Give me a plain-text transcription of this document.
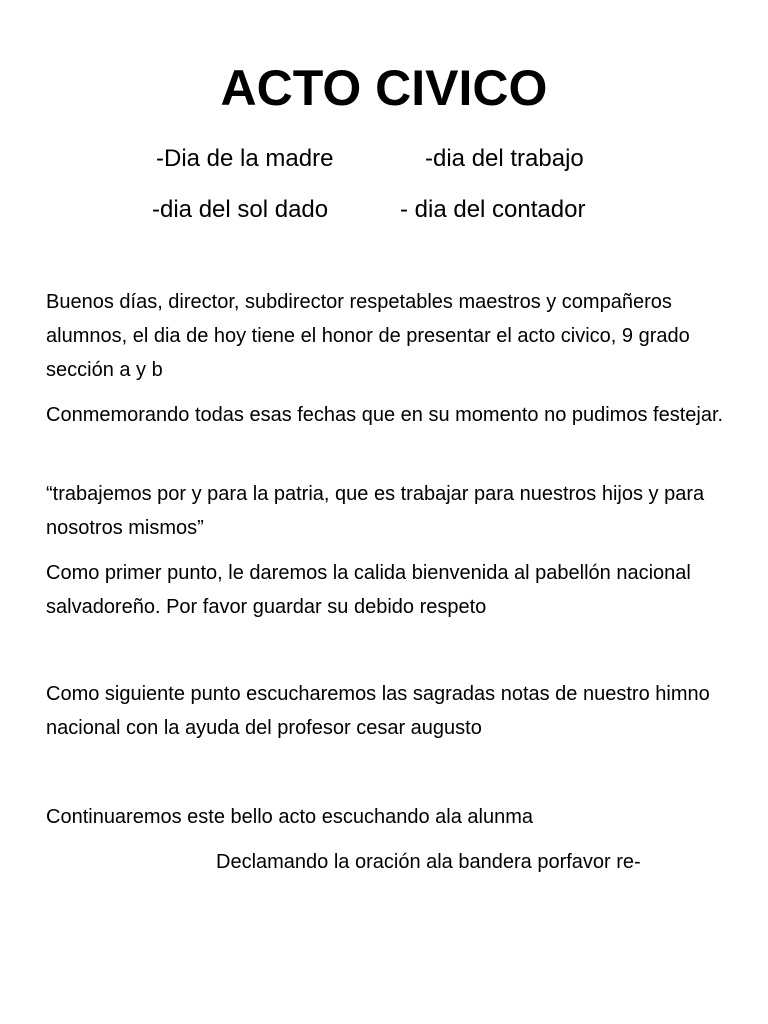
ACTO CIVICO
-Dia de la madre	-dia del trabajo
-dia del sol dado	- dia del contador

Buenos días, director, subdirector respetables maestros y compañeros alumnos, el dia de hoy tiene el honor de presentar el acto civico, 9 grado sección a y b

Conmemorando todas esas fechas que en su momento no pudimos festejar.

“trabajemos por y para la patria, que es trabajar para nuestros hijos y para nosotros mismos”

Como primer punto, le daremos la calida bienvenida al pabellón nacional salvadoreño. Por favor guardar su debido respeto

Como siguiente punto escucharemos las sagradas notas de nuestro himno nacional con la ayuda del profesor cesar augusto

Continuaremos este bello acto escuchando ala alunma

Declamando la oración ala bandera porfavor re-
